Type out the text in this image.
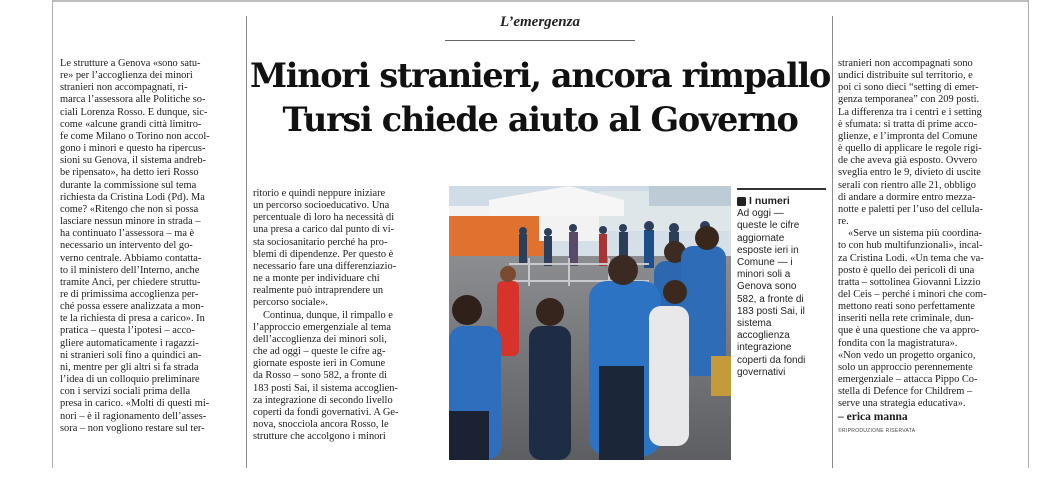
L’emergenza
Minori stranieri, ancora rimpallo
Tursi chiede aiuto al Governo

Le strutture a Genova «sono satu-
re» per l’accoglienza dei minori
stranieri non accompagnati, ri-
marca l’assessora alle Politiche so-
ciali Lorenza Rosso. E dunque, sic-
come «alcune grandi città limitro-
fe come Milano o Torino non accol-
gono i minori e questo ha ripercus-
sioni su Genova, il sistema andreb-
be ripensato», ha detto ieri Rosso
durante la commissione sul tema
richiesta da Cristina Lodi (Pd). Ma
come? «Ritengo che non si possa
lasciare nessun minore in strada –
ha continuato l’assessora – ma è
necessario un intervento del go-
verno centrale. Abbiamo contatta-
to il ministero dell’Interno, anche
tramite Anci, per chiedere struttu-
re di primissima accoglienza per-
ché possa essere analizzata a mon-
te la richiesta di presa a carico». In
pratica – questa l’ipotesi – acco-
gliere automaticamente i ragazzi-
ni stranieri soli fino a quindici an-
ni, mentre per gli altri si fa strada
l’idea di un colloquio preliminare
con i servizi sociali prima della
presa in carico. «Molti di questi mi-
nori – è il ragionamento dell’asses-
sora – non vogliono restare sul ter-

ritorio e quindi neppure iniziare
un percorso socioeducativo. Una
percentuale di loro ha necessità di
una presa a carico dal punto di vi-
sta sociosanitario perché ha pro-
blemi di dipendenze. Per questo è
necessario fare una differenziazio-
ne a monte per individuare chi
realmente può intraprendere un
percorso sociale».

Continua, dunque, il rimpallo e
l’approccio emergenziale al tema
dell’accoglienza dei minori soli,
che ad oggi – queste le cifre ag-
giornate esposte ieri in Comune
da Rosso – sono 582, a fronte di
183 posti Sai, il sistema accoglien-
za integrazione di secondo livello
coperti da fondi governativi. A Ge-
nova, snocciola ancora Rosso, le
strutture che accolgono i minori

I numeri

Ad oggi —
queste le cifre
aggiornate
esposte ieri in
Comune — i
minori soli a
Genova sono
582, a fronte di
183 posti Sai, il
sistema
accoglienza
integrazione
coperti da fondi
governativi

stranieri non accompagnati sono
undici distribuite sul territorio, e
poi ci sono dieci “setting di emer-
genza temporanea” con 209 posti.
La differenza tra i centri e i setting
è sfumata: si tratta di prime acco-
glienze, e l’impronta del Comune
è quello di applicare le regole rigi-
de che aveva già esposto. Ovvero
sveglia entro le 9, divieto di uscite
serali con rientro alle 21, obbligo
di andare a dormire entro mezza-
notte e paletti per l’uso del cellula-
re.

«Serve un sistema più coordina-
to con hub multifunzionali», incal-
za Cristina Lodi. «Un tema che va-
posto è quello dei pericoli di una
tratta – sottolinea Giovanni Lizzio
del Ceis – perché i minori che com-
mettono reati sono perfettamente
inseriti nella rete criminale, dun-
que è una questione che va appro-
fondita con la magistratura».
«Non vedo un progetto organico,
solo un approccio perennemente
emergenziale – attacca Pippo Co-
stella di Defence for Childrem –
serve una strategia educativa».

– erica manna

©RIPRODUZIONE RISERVATA
